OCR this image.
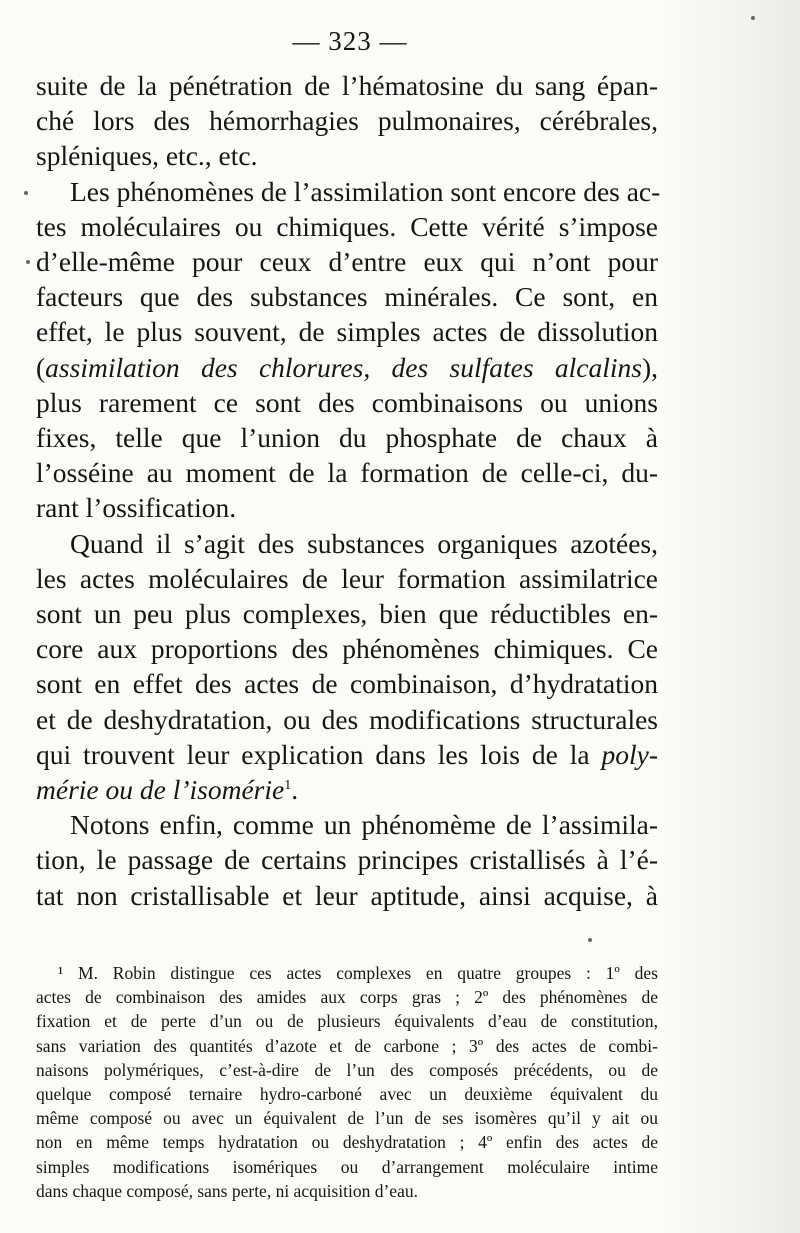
— 323 —
suite de la pénétration de l’hématosine du sang épan-
ché lors des hémorrhagies pulmonaires, cérébrales,
spléniques, etc., etc.
Les phénomènes de l’assimilation sont encore des ac-
tes moléculaires ou chimiques. Cette vérité s’impose
d’elle-même pour ceux d’entre eux qui n’ont pour
facteurs que des substances minérales. Ce sont, en
effet, le plus souvent, de simples actes de dissolution
(assimilation des chlorures, des sulfates alcalins),
plus rarement ce sont des combinaisons ou unions
fixes, telle que l’union du phosphate de chaux à
l’osséine au moment de la formation de celle-ci, du-
rant l’ossification.
Quand il s’agit des substances organiques azotées,
les actes moléculaires de leur formation assimilatrice
sont un peu plus complexes, bien que réductibles en-
core aux proportions des phénomènes chimiques. Ce
sont en effet des actes de combinaison, d’hydratation
et de deshydratation, ou des modifications structurales
qui trouvent leur explication dans les lois de la poly-
mérie ou de l’isomérie$^1$.
Notons enfin, comme un phénomème de l’assimila-
tion, le passage de certains principes cristallisés à l’é-
tat non cristallisable et leur aptitude, ainsi acquise, à
¹ M. Robin distingue ces actes complexes en quatre groupes : 1º des
actes de combinaison des amides aux corps gras ; 2º des phénomènes de
fixation et de perte d’un ou de plusieurs équivalents d’eau de constitution,
sans variation des quantités d’azote et de carbone ; 3º des actes de combi-
naisons polymériques, c’est-à-dire de l’un des composés précédents, ou de
quelque composé ternaire hydro-carboné avec un deuxième équivalent du
même composé ou avec un équivalent de l’un de ses isomères qu’il y ait ou
non en même temps hydratation ou deshydratation ; 4º enfin des actes de
simples modifications isomériques ou d’arrangement moléculaire intime
dans chaque composé, sans perte, ni acquisition d’eau.
